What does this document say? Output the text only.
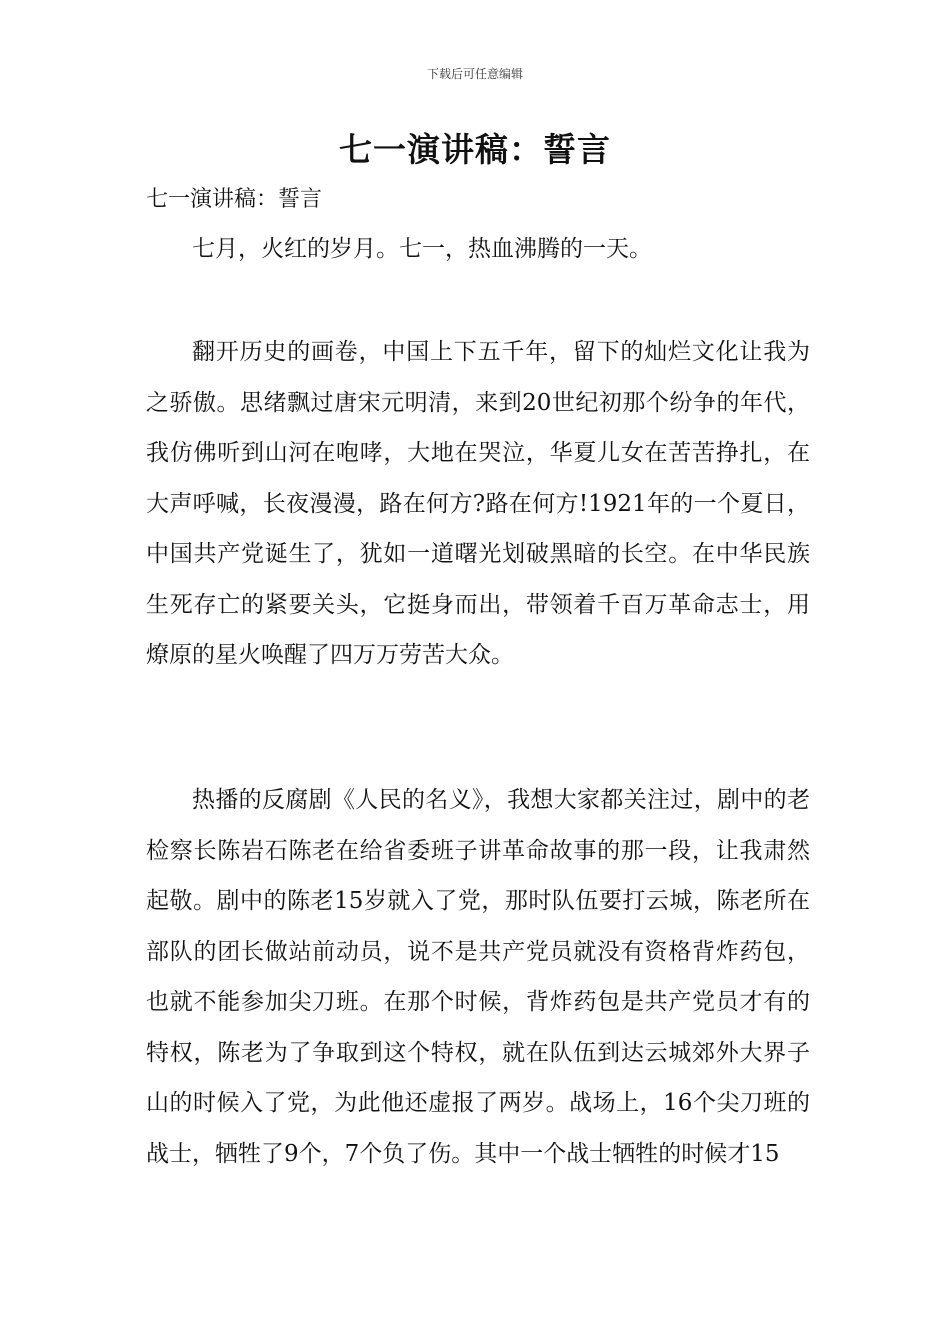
下载后可任意编辑
七一演讲稿：誓言
七一演讲稿：誓言

七月，火红的岁月。七一，热血沸腾的一天。

翻开历史的画卷，中国上下五千年，留下的灿烂文化让我为之骄傲。思绪飘过唐宋元明清，来到20世纪初那个纷争的年代，我仿佛听到山河在咆哮，大地在哭泣，华夏儿女在苦苦挣扎，在大声呼喊，长夜漫漫，路在何方?路在何方!1921年的一个夏日，中国共产党诞生了，犹如一道曙光划破黑暗的长空。在中华民族生死存亡的紧要关头，它挺身而出，带领着千百万革命志士，用燎原的星火唤醒了四万万劳苦大众。

热播的反腐剧《人民的名义》，我想大家都关注过，剧中的老检察长陈岩石陈老在给省委班子讲革命故事的那一段，让我肃然起敬。剧中的陈老15岁就入了党，那时队伍要打云城，陈老所在部队的团长做站前动员，说不是共产党员就没有资格背炸药包，也就不能参加尖刀班。在那个时候，背炸药包是共产党员才有的特权，陈老为了争取到这个特权，就在队伍到达云城郊外大界子山的时候入了党，为此他还虚报了两岁。战场上，16个尖刀班的战士，牺牲了9个，7个负了伤。其中一个战士牺牲的时候才15
